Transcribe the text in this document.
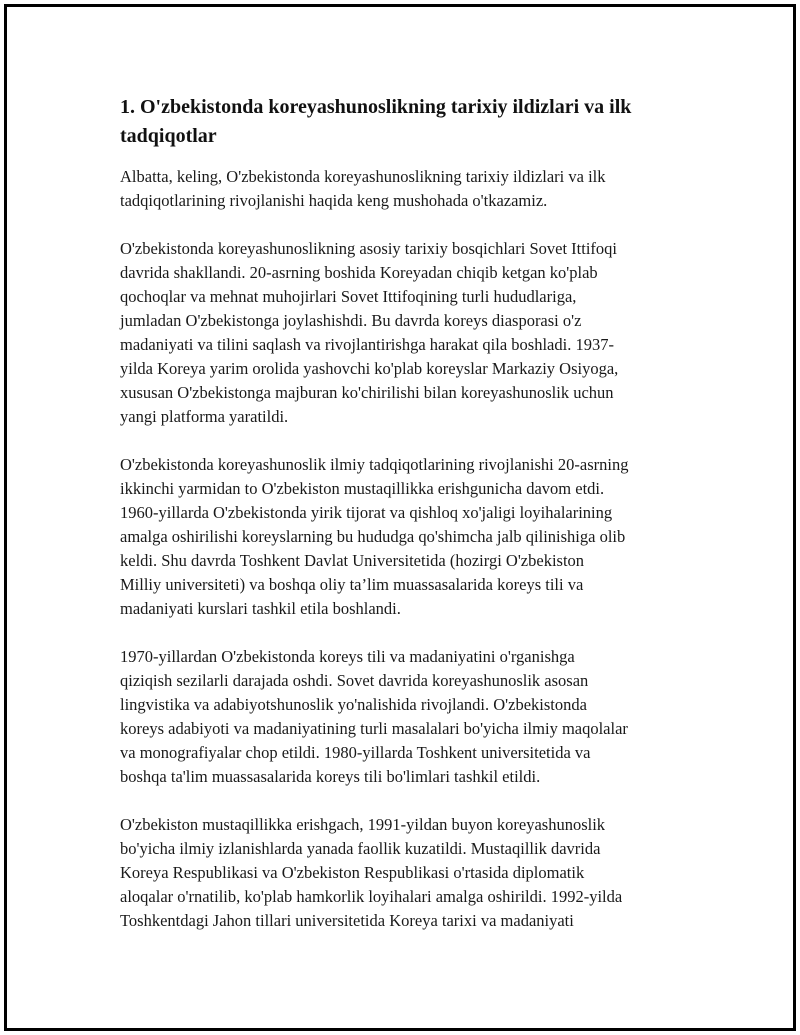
1. O'zbekistonda koreyashunoslikning tarixiy ildizlari va ilk
tadqiqotlar

Albatta, keling, O'zbekistonda koreyashunoslikning tarixiy ildizlari va ilk
tadqiqotlarining rivojlanishi haqida keng mushohada o'tkazamiz.

O'zbekistonda koreyashunoslikning asosiy tarixiy bosqichlari Sovet Ittifoqi
davrida shakllandi. 20-asrning boshida Koreyadan chiqib ketgan ko'plab
qochoqlar va mehnat muhojirlari Sovet Ittifoqining turli hududlariga,
jumladan O'zbekistonga joylashishdi. Bu davrda koreys diasporasi o'z
madaniyati va tilini saqlash va rivojlantirishga harakat qila boshladi. 1937-
yilda Koreya yarim orolida yashovchi ko'plab koreyslar Markaziy Osiyoga,
xususan O'zbekistonga majburan ko'chirilishi bilan koreyashunoslik uchun
yangi platforma yaratildi.

O'zbekistonda koreyashunoslik ilmiy tadqiqotlarining rivojlanishi 20-asrning
ikkinchi yarmidan to O'zbekiston mustaqillikka erishgunicha davom etdi.
1960-yillarda O'zbekistonda yirik tijorat va qishloq xo'jaligi loyihalarining
amalga oshirilishi koreyslarning bu hududga qo'shimcha jalb qilinishiga olib
keldi. Shu davrda Toshkent Davlat Universitetida (hozirgi O'zbekiston
Milliy universiteti) va boshqa oliy ta’lim muassasalarida koreys tili va
madaniyati kurslari tashkil etila boshlandi.

1970-yillardan O'zbekistonda koreys tili va madaniyatini o'rganishga
qiziqish sezilarli darajada oshdi. Sovet davrida koreyashunoslik asosan
lingvistika va adabiyotshunoslik yo'nalishida rivojlandi. O'zbekistonda
koreys adabiyoti va madaniyatining turli masalalari bo'yicha ilmiy maqolalar
va monografiyalar chop etildi. 1980-yillarda Toshkent universitetida va
boshqa ta'lim muassasalarida koreys tili bo'limlari tashkil etildi.

O'zbekiston mustaqillikka erishgach, 1991-yildan buyon koreyashunoslik
bo'yicha ilmiy izlanishlarda yanada faollik kuzatildi. Mustaqillik davrida
Koreya Respublikasi va O'zbekiston Respublikasi o'rtasida diplomatik
aloqalar o'rnatilib, ko'plab hamkorlik loyihalari amalga oshirildi. 1992-yilda
Toshkentdagi Jahon tillari universitetida Koreya tarixi va madaniyati
